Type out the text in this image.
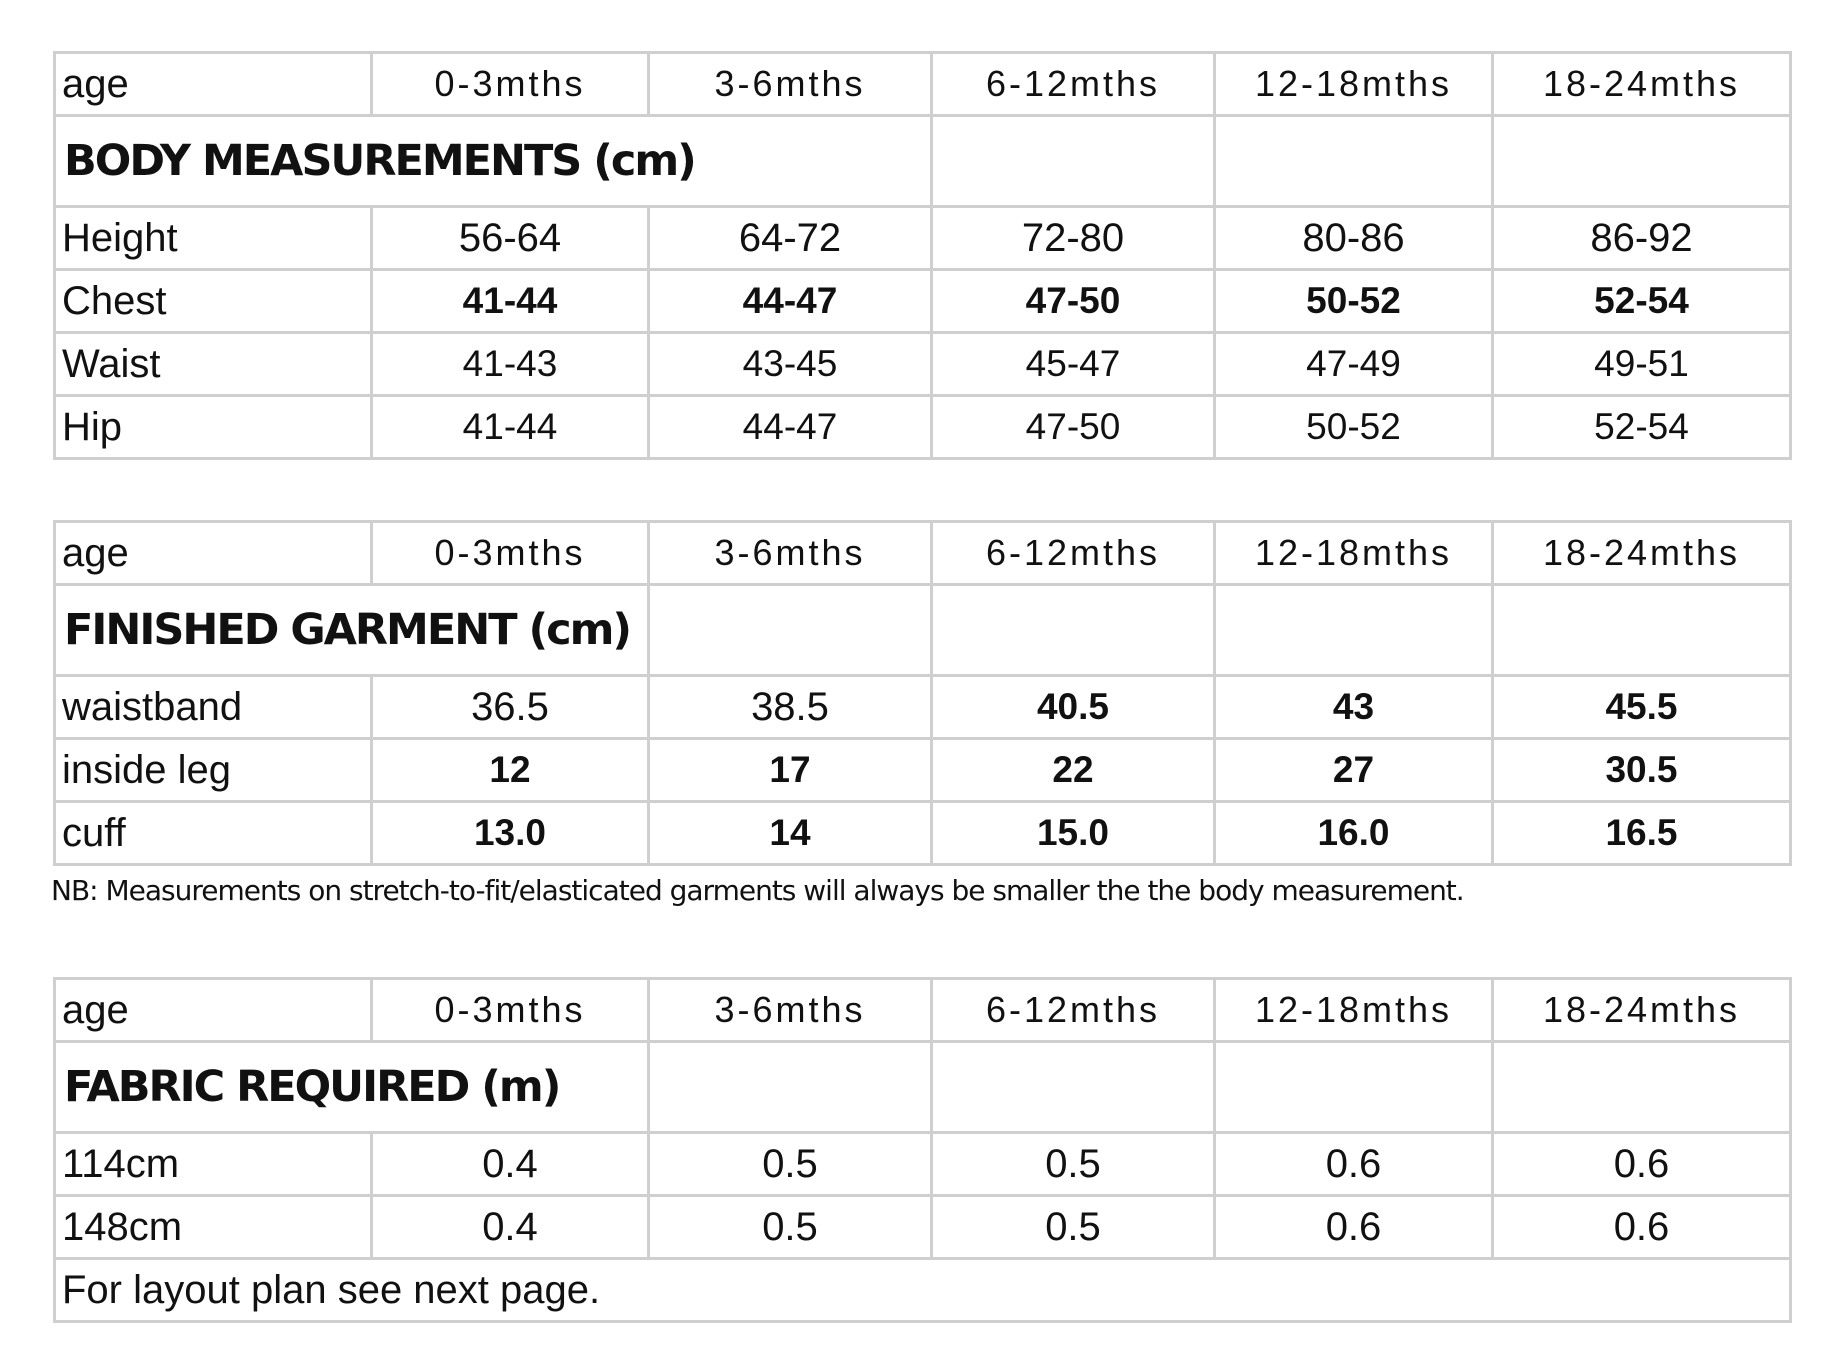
age	0-3mths	3-6mths	6-12mths	12-18mths	18-24mths
BODY MEASUREMENTS (cm)					
Height	56-64	64-72	72-80	80-86	86-92
Chest	41-44	44-47	47-50	50-52	52-54
Waist	41-43	43-45	45-47	47-49	49-51
Hip	41-44	44-47	47-50	50-52	52-54
age	0-3mths	3-6mths	6-12mths	12-18mths	18-24mths
FINISHED GARMENT (cm)					
waistband	36.5	38.5	40.5	43	45.5
inside leg	12	17	22	27	30.5
cuff	13.0	14	15.0	16.0	16.5
NB: Measurements on stretch-to-fit/elasticated garments will always be smaller the the body measurement.
age	0-3mths	3-6mths	6-12mths	12-18mths	18-24mths
FABRIC REQUIRED (m)					
114cm	0.4	0.5	0.5	0.6	0.6
148cm	0.4	0.5	0.5	0.6	0.6
For layout plan see next page.					
